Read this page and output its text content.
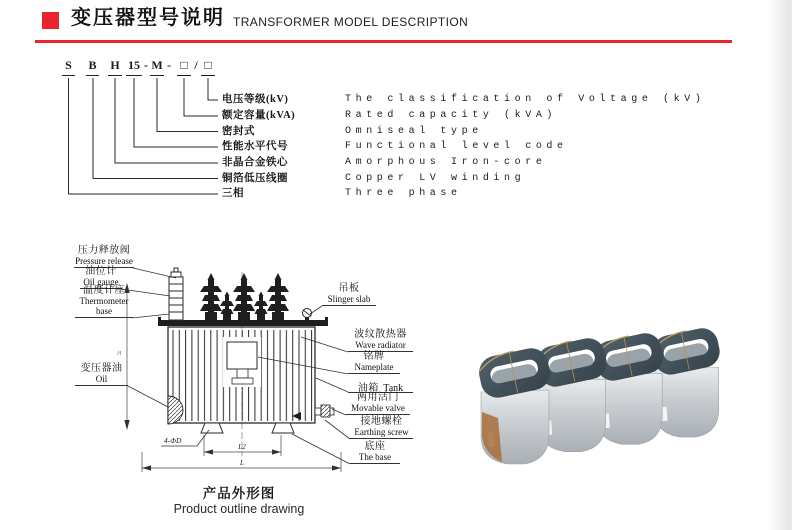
变压器型号说明 TRANSFORMER MODEL DESCRIPTION
S B H 15 - M - □ / □
电压等级(kV)
额定容量(kVA)
密封式
性能水平代号
非晶合金铁心
铜箔低压线圈
三相
The classification of Voltage (kV)
Rated capacity (kVA)
Omniseal type
Functional level code
Amorphous Iron-core
Copper LV winding
Three phase
H
4-ΦD
L2
L
压力释放阀
Pressure release
油位计
Oil gauge
温度计座
Thermometer
base
变压器油
Oil
吊板
Slinger slab
波纹散热器
Wave radiator
铭牌
Nameplate
油箱 Tank
两用活门
Movable valve
接地螺栓
Earthing screw
底座
The base
产品外形图
Product outline drawing
